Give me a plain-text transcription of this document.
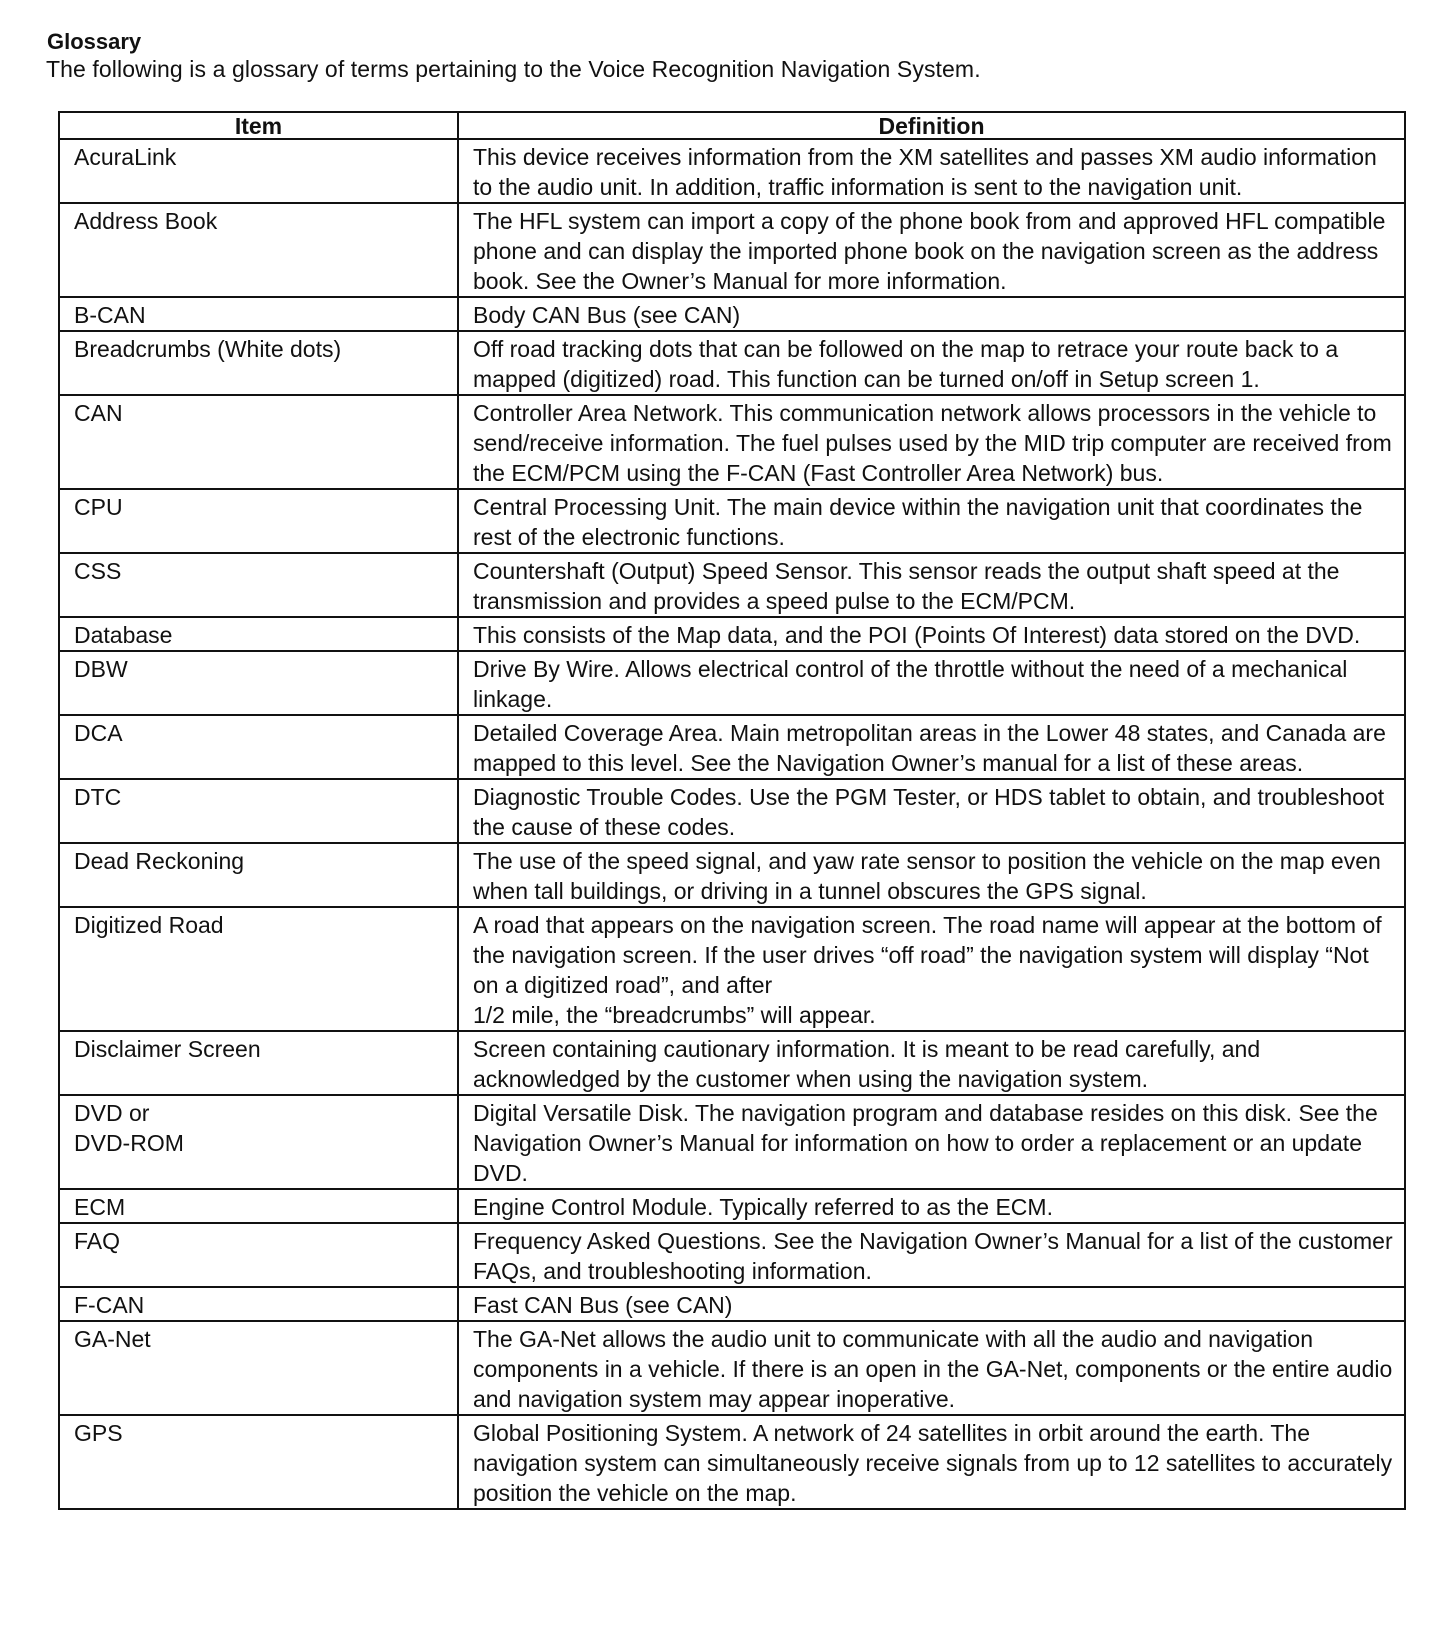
Glossary
The following is a glossary of terms pertaining to the Voice Recognition Navigation System.
Item	Definition
AcuraLink	This device receives information from the XM satellites and passes XM audio information to the audio unit. In addition, traffic information is sent to the navigation unit.
Address Book	The HFL system can import a copy of the phone book from and approved HFL compatible phone and can display the imported phone book on the navigation screen as the address book. See the Owner’s Manual for more information.
B-CAN	Body CAN Bus (see CAN)
Breadcrumbs (White dots)	Off road tracking dots that can be followed on the map to retrace your route back to a mapped (digitized) road. This function can be turned on/off in Setup screen 1.
CAN	Controller Area Network. This communication network allows processors in the vehicle to send/receive information. The fuel pulses used by the MID trip computer are received from the ECM/PCM using the F-CAN (Fast Controller Area Network) bus.
CPU	Central Processing Unit. The main device within the navigation unit that coordinates the rest of the electronic functions.
CSS	Countershaft (Output) Speed Sensor. This sensor reads the output shaft speed at the transmission and provides a speed pulse to the ECM/PCM.
Database	This consists of the Map data, and the POI (Points Of Interest) data stored on the DVD.
DBW	Drive By Wire. Allows electrical control of the throttle without the need of a mechanical linkage.
DCA	Detailed Coverage Area. Main metropolitan areas in the Lower 48 states, and Canada are mapped to this level. See the Navigation Owner’s manual for a list of these areas.
DTC	Diagnostic Trouble Codes. Use the PGM Tester, or HDS tablet to obtain, and troubleshoot the cause of these codes.
Dead Reckoning	The use of the speed signal, and yaw rate sensor to position the vehicle on the map even when tall buildings, or driving in a tunnel obscures the GPS signal.
Digitized Road	A road that appears on the navigation screen. The road name will appear at the bottom of the navigation screen. If the user drives “off road” the navigation system will display “Not on a digitized road”, and after
1/2 mile, the “breadcrumbs” will appear.
Disclaimer Screen	Screen containing cautionary information. It is meant to be read carefully, and acknowledged by the customer when using the navigation system.
DVD or
DVD-ROM	Digital Versatile Disk. The navigation program and database resides on this disk. See the Navigation Owner’s Manual for information on how to order a replacement or an update DVD.
ECM	Engine Control Module. Typically referred to as the ECM.
FAQ	Frequency Asked Questions. See the Navigation Owner’s Manual for a list of the customer FAQs, and troubleshooting information.
F-CAN	Fast CAN Bus (see CAN)
GA-Net	The GA-Net allows the audio unit to communicate with all the audio and navigation components in a vehicle. If there is an open in the GA-Net, components or the entire audio and navigation system may appear inoperative.
GPS	Global Positioning System. A network of 24 satellites in orbit around the earth. The navigation system can simultaneously receive signals from up to 12 satellites to accurately position the vehicle on the map.
